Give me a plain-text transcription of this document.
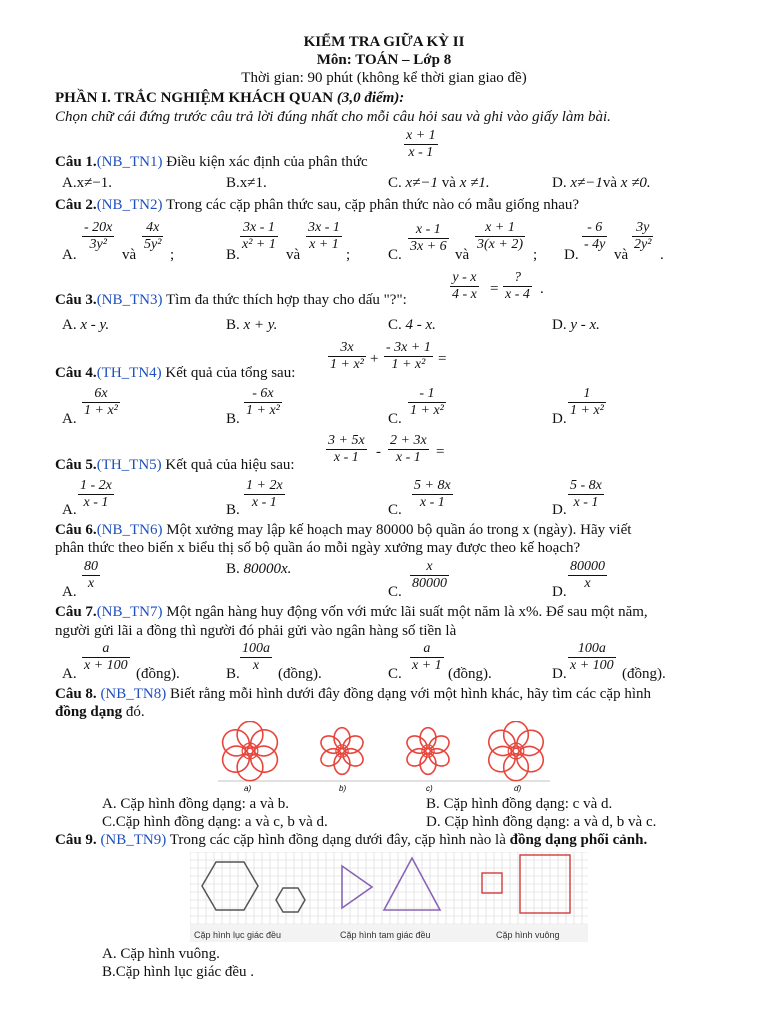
KIỂM TRA GIỮA KỲ II
Môn: TOÁN – Lớp 8
Thời gian: 90 phút (không kể thời gian giao đề)
PHẦN I. TRẮC NGHIỆM KHÁCH QUAN (3,0 điểm):
Chọn chữ cái đứng trước câu trả lời đúng nhất cho mỗi câu hỏi sau và ghi vào giấy làm bài.
$\frac{x + 1}{x - 1}$
Câu 1.(NB_TN1) Điều kiện xác định của phân thức
A.x≠−1.	B.x≠1.	C. x≠−1 và x ≠1.	D. x≠−1và x ≠0.
Câu 2.(NB_TN2) Trong các cặp phân thức sau, cặp phân thức nào có mẫu giống nhau?
A.
$\frac{- 20x}{\text{3y²}}$
và
$\frac{4x}{\text{5y²}}$
;	B.
$\frac{3x - 1}{\text{x² + 1}}$
và
$\frac{3x - 1}{x + 1}$
;	C. $\frac{x - 1}{3x + 6}$ và
$\frac{x + 1}{3(x + 2)}$
; D.
$\frac{- 6}{- 4y}$
và
$\frac{3y}{\text{2y²}}$
.
$\frac{y - x}{4 - x}$ =
?
x - 4 .
Câu 3.(NB_TN3) Tìm đa thức thích hợp thay cho dấu "?":
A. x - y.	B. x + y.	C. 4 - x.	D. y - x.
$\frac{3x}{\text{1 + x²}} + \frac{- 3x + 1}{\text{1 + x²}}$ =
Câu 4.(TH_TN4) Kết quả của tổng sau:
A. $\frac{6x}{\text{1 + x²}}$	B. $\frac{- 6x}{\text{1 + x²}}$	C. $\frac{- 1}{\text{1 + x²}}$	D. $\frac{1}{\text{1 + x²}}$
$\frac{3 + 5x}{x - 1} - \frac{2 + 3x}{x - 1}$ =
Câu 5.(TH_TN5) Kết quả của hiệu sau:
A. $\frac{1 - 2x}{x - 1}$	B. $\frac{1 + 2x}{x - 1}$	C. $\frac{5 + 8x}{x - 1}$	D. $\frac{5 - 8x}{x - 1}$
Câu 6.(NB_TN6) Một xưởng may lập kế hoạch may 80000 bộ quần áo trong x (ngày). Hãy viết
phân thức theo biến x biểu thị số bộ quần áo mỗi ngày xưởng may được theo kế hoạch?
A. $\frac{80}{x}$	B. 80000x.
C. $\frac{x}{80000}$	D. $\frac{80000}{x}$
Câu 7.(NB_TN7) Một ngân hàng huy động vốn với mức lãi suất một năm là x%. Để sau một năm,
người gửi lãi a đồng thì người đó phải gửi vào ngân hàng số tiền là
A. $\frac{a}{x + 100}$ (đồng).	B. $\frac{100a}{x}$ (đồng).	C. $\frac{a}{x + 1}$ (đồng).	D. $\frac{100a}{x + 100}$ (đồng).
Câu 8. (NB_TN8) Biết rằng mỗi hình dưới đây đồng dạng với một hình khác, hãy tìm các cặp hình
đồng dạng đó.
a)	b)	c)	d)
A. Cặp hình đồng dạng: a và b.	B. Cặp hình đồng dạng: c và d.
C.Cặp hình đồng dạng: a và c, b và d.	D. Cặp hình đồng dạng: a và d, b và c.
Câu 9. (NB_TN9) Trong các cặp hình đồng dạng dưới đây, cặp hình nào là đồng dạng phối cảnh.
Cặp hình lục giác đều	Cặp hình tam giác đều	Cặp hình vuông
A. Cặp hình vuông.
B.Cặp hình lục giác đều .
